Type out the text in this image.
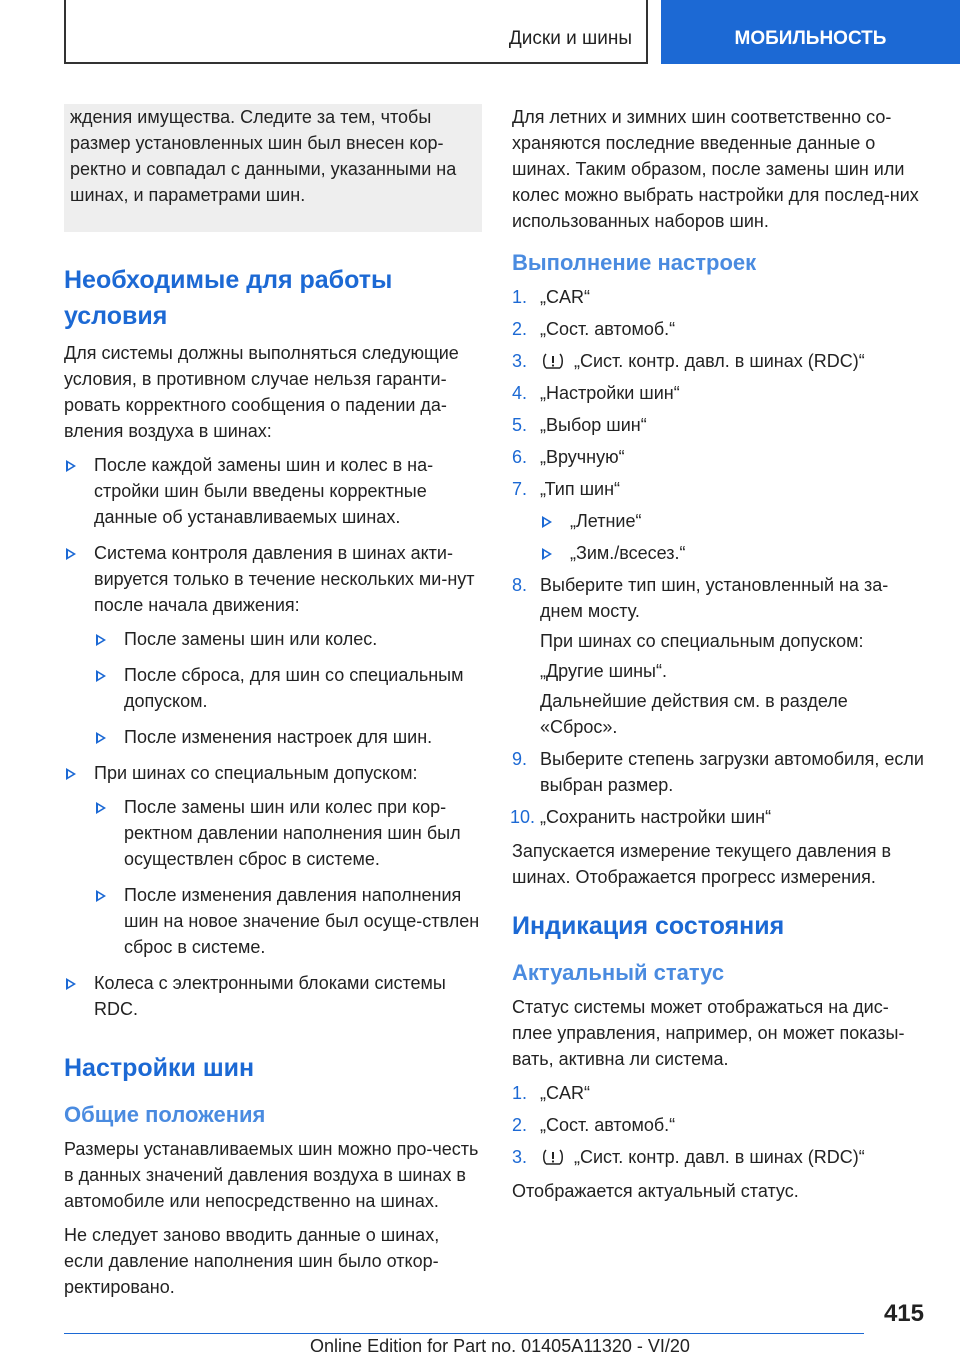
Диски и шины	МОБИЛЬНОСТЬ

ждения имущества. Следите за тем, чтобы размер установленных шин был внесен кор-ректно и совпадал с данными, указанными на шинах, и параметрами шин.

Необходимые для работы условия

Для системы должны выполняться следующие условия, в противном случае нельзя гаранти-ровать корректного сообщения о падении да-вления воздуха в шинах:

После каждой замены шин и колес в на-стройки шин были введены корректные данные об устанавливаемых шинах.
Система контроля давления в шинах акти-вируется только в течение нескольких ми-нут после начала движения:
После замены шин или колес.
После сброса, для шин со специальным допуском.
После изменения настроек для шин.
При шинах со специальным допуском:
После замены шин или колес при кор-ректном давлении наполнения шин был осуществлен сброс в системе.
После изменения давления наполнения шин на новое значение был осуще-ствлен сброс в системе.
Колеса с электронными блоками системы RDC.
Настройки шин
Общие положения

Размеры устанавливаемых шин можно про-честь в данных значений давления воздуха в шинах в автомобиле или непосредственно на шинах.

Не следует заново вводить данные о шинах, если давление наполнения шин было откор-ректировано.

Для летних и зимних шин соответственно со-храняются последние введенные данные о шинах. Таким образом, после замены шин или колес можно выбрать настройки для послед-них использованных наборов шин.

Выполнение настроек
1. „CAR“
2. „Сост. автомоб.“
3.	„Сист. контр. давл. в шинах (RDC)“
4. „Настройки шин“
5. „Выбор шин“
6. „Вручную“
7. „Тип шин“
„Летние“
„Зим./всесез.“
8. Выберите тип шин, установленный на за-днем мосту.

При шинах со специальным допуском:

„Другие шины“.

Дальнейшие действия см. в разделе «Сброс».

9. Выберите степень загрузки автомобиля, если выбран размер.
10. „Сохранить настройки шин“

Запускается измерение текущего давления в шинах. Отображается прогресс измерения.

Индикация состояния
Актуальный статус

Статус системы может отображаться на дис-плее управления, например, он может показы-вать, активна ли система.

1. „CAR“
2. „Сост. автомоб.“
3.	„Сист. контр. давл. в шинах (RDC)“

Отображается актуальный статус.

415
Online Edition for Part no. 01405A11320 - VI/20
